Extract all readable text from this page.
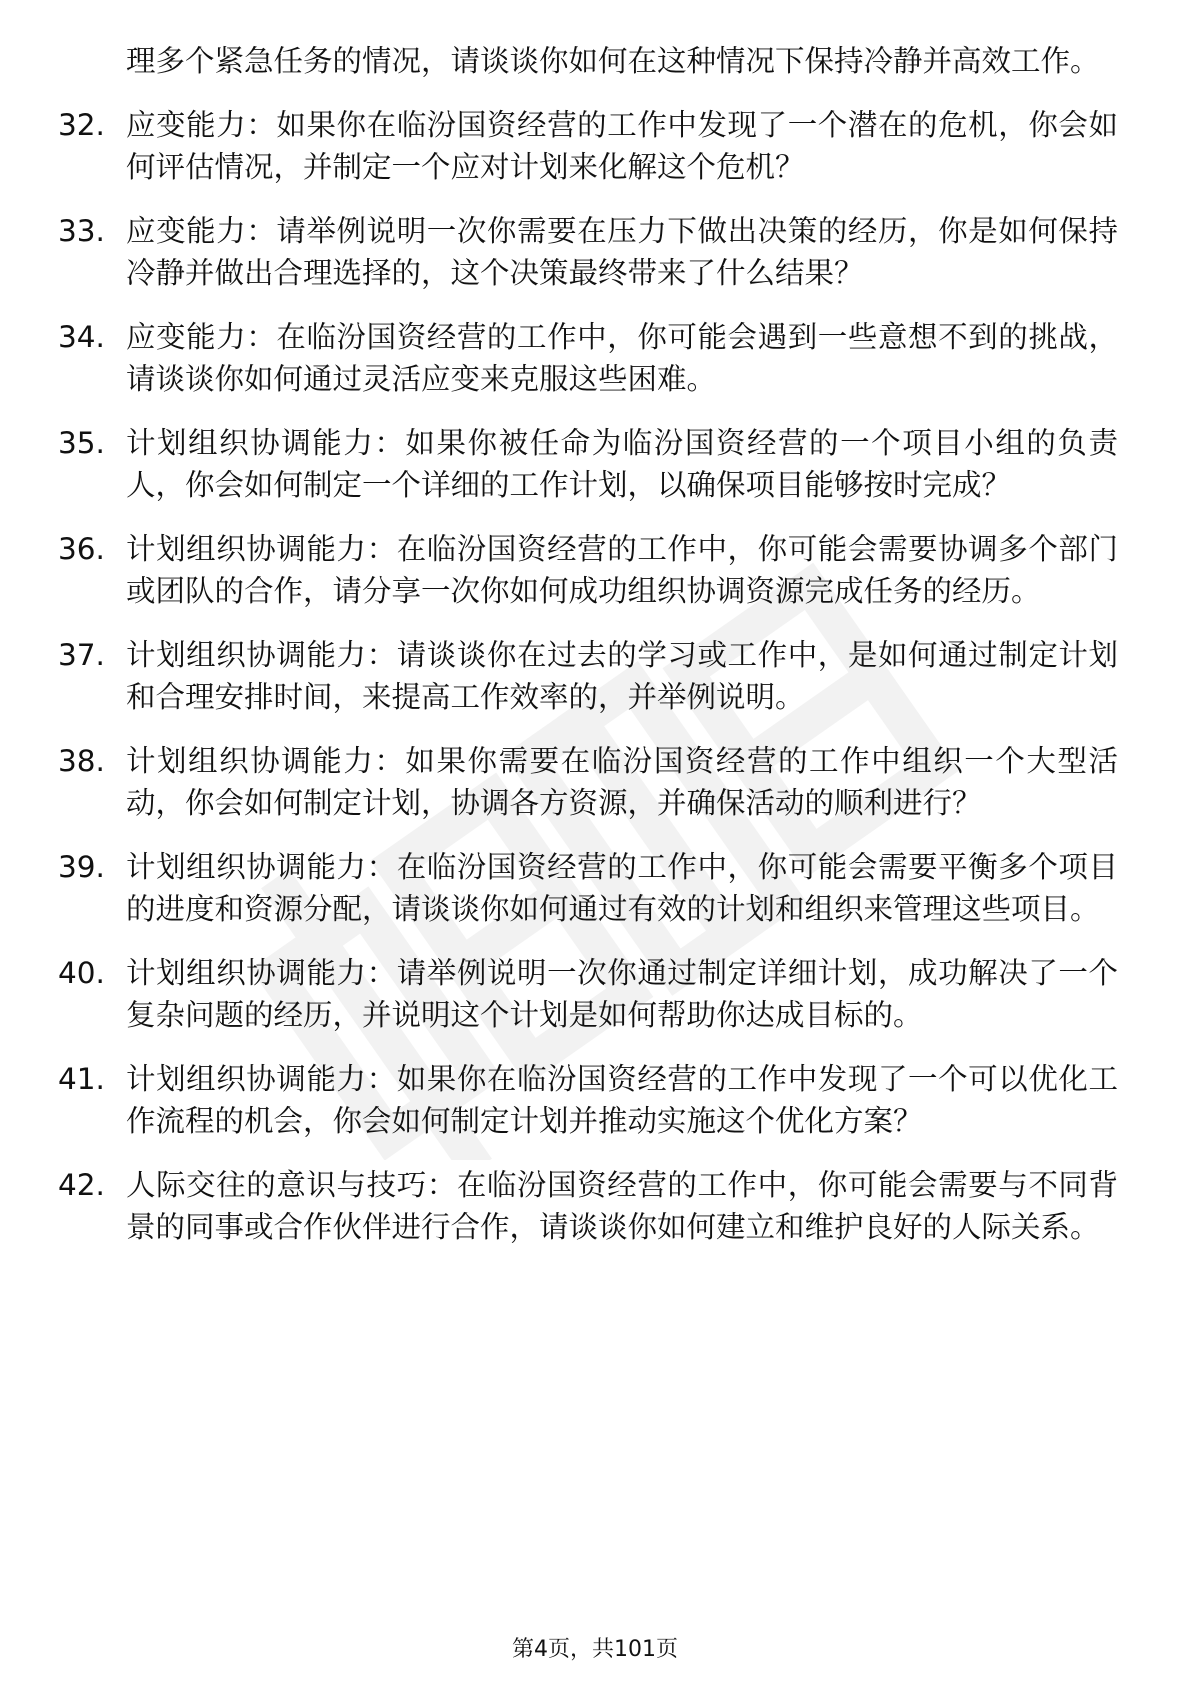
理多个紧急任务的情况，请谈谈你如何在这种情况下保持冷静并高效工作。
32. 应变能力：如果你在临汾国资经营的工作中发现了一个潜在的危机，你会如何评估情况，并制定一个应对计划来化解这个危机？
33. 应变能力：请举例说明一次你需要在压力下做出决策的经历，你是如何保持冷静并做出合理选择的，这个决策最终带来了什么结果？
34. 应变能力：在临汾国资经营的工作中，你可能会遇到一些意想不到的挑战，请谈谈你如何通过灵活应变来克服这些困难。
35. 计划组织协调能力：如果你被任命为临汾国资经营的一个项目小组的负责人，你会如何制定一个详细的工作计划，以确保项目能够按时完成？
36. 计划组织协调能力：在临汾国资经营的工作中，你可能会需要协调多个部门或团队的合作，请分享一次你如何成功组织协调资源完成任务的经历。
37. 计划组织协调能力：请谈谈你在过去的学习或工作中，是如何通过制定计划和合理安排时间，来提高工作效率的，并举例说明。
38. 计划组织协调能力：如果你需要在临汾国资经营的工作中组织一个大型活动，你会如何制定计划，协调各方资源，并确保活动的顺利进行？
39. 计划组织协调能力：在临汾国资经营的工作中，你可能会需要平衡多个项目的进度和资源分配，请谈谈你如何通过有效的计划和组织来管理这些项目。
40. 计划组织协调能力：请举例说明一次你通过制定详细计划，成功解决了一个复杂问题的经历，并说明这个计划是如何帮助你达成目标的。
41. 计划组织协调能力：如果你在临汾国资经营的工作中发现了一个可以优化工作流程的机会，你会如何制定计划并推动实施这个优化方案？
42. 人际交往的意识与技巧：在临汾国资经营的工作中，你可能会需要与不同背景的同事或合作伙伴进行合作，请谈谈你如何建立和维护良好的人际关系。
第4页，共101页
